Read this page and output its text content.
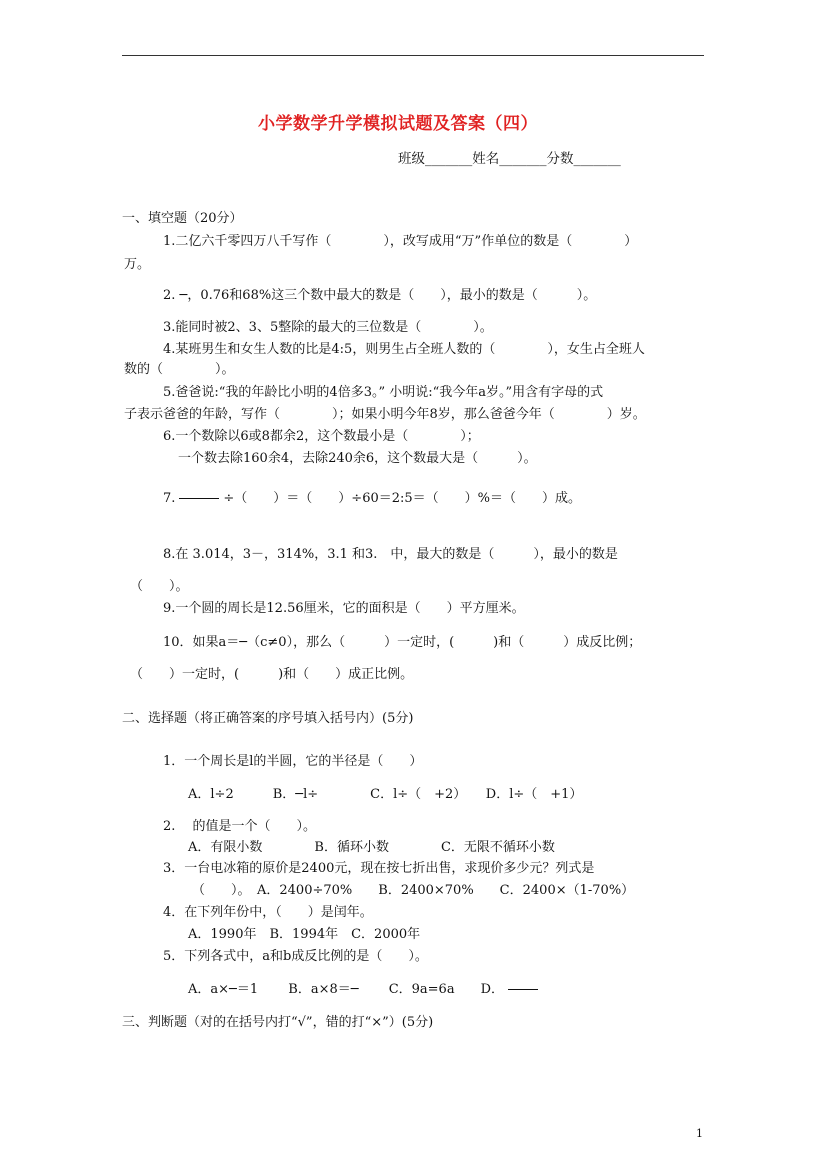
小学数学升学模拟试题及答案（四）
班级_______姓名_______分数_______
一、填空题（20分）
1.二亿六千零四万八千写作（　　　　），改写成用“万”作单位的数是（　　　　）
万。
2. ─，0.76和68%这三个数中最大的数是（　　），最小的数是（　　　）。
3.能同时被2、3、5整除的最大的三位数是（　　　　）。
4.某班男生和女生人数的比是4:5，则男生占全班人数的（　　　　），女生占全班人
数的（　　　　）。
5.爸爸说:“我的年龄比小明的4倍多3。” 小明说:“我今年a岁。”用含有字母的式
子表示爸爸的年龄，写作（　　　　）；如果小明今年8岁，那么爸爸今年（　　　　）岁。
6.一个数除以6或8都余2，这个数最小是（　　　　）；
一个数去除160余4，去除240余6，这个数最大是（　　　）。
7.	÷（　　）＝（　　）÷60＝2:5＝（　　）%＝（　　）成。
8.在 3.014，3－，314%，3.1 和3.　中，最大的数是（　　　），最小的数是
（　　）。
9.一个圆的周长是12.56厘米，它的面积是（　　）平方厘米。
10．如果a＝─（c≠0），那么（　　　）一定时，(　　　)和（　　　）成反比例；
（　　）一定时，(　　　)和（　　）成正比例。
二、选择题（将正确答案的序号填入括号内）(5分)
1．一个周长是l的半圆，它的半径是（　　）
A．l÷2　　　B．─l÷　　　　C．l÷（　+2）　　D．l÷（　+1）
2.　 的值是一个（　　）。
A．有限小数　　　　B．循环小数　　　　C．无限不循环小数
3．一台电冰箱的原价是2400元，现在按七折出售，求现价多少元？列式是
（　　）。　A．2400÷70%　　B．2400×70%　　C．2400×（1-70%）
4．在下列年份中，（　　）是闰年。
A．1990年　B．1994年　C．2000年
5．下列各式中，a和b成反比例的是（　　）。
A．a×─＝1　　 B．a×8＝─　　 C．9a=6a　　D．
三、判断题（对的在括号内打“√”，错的打“×”）(5分)
1
